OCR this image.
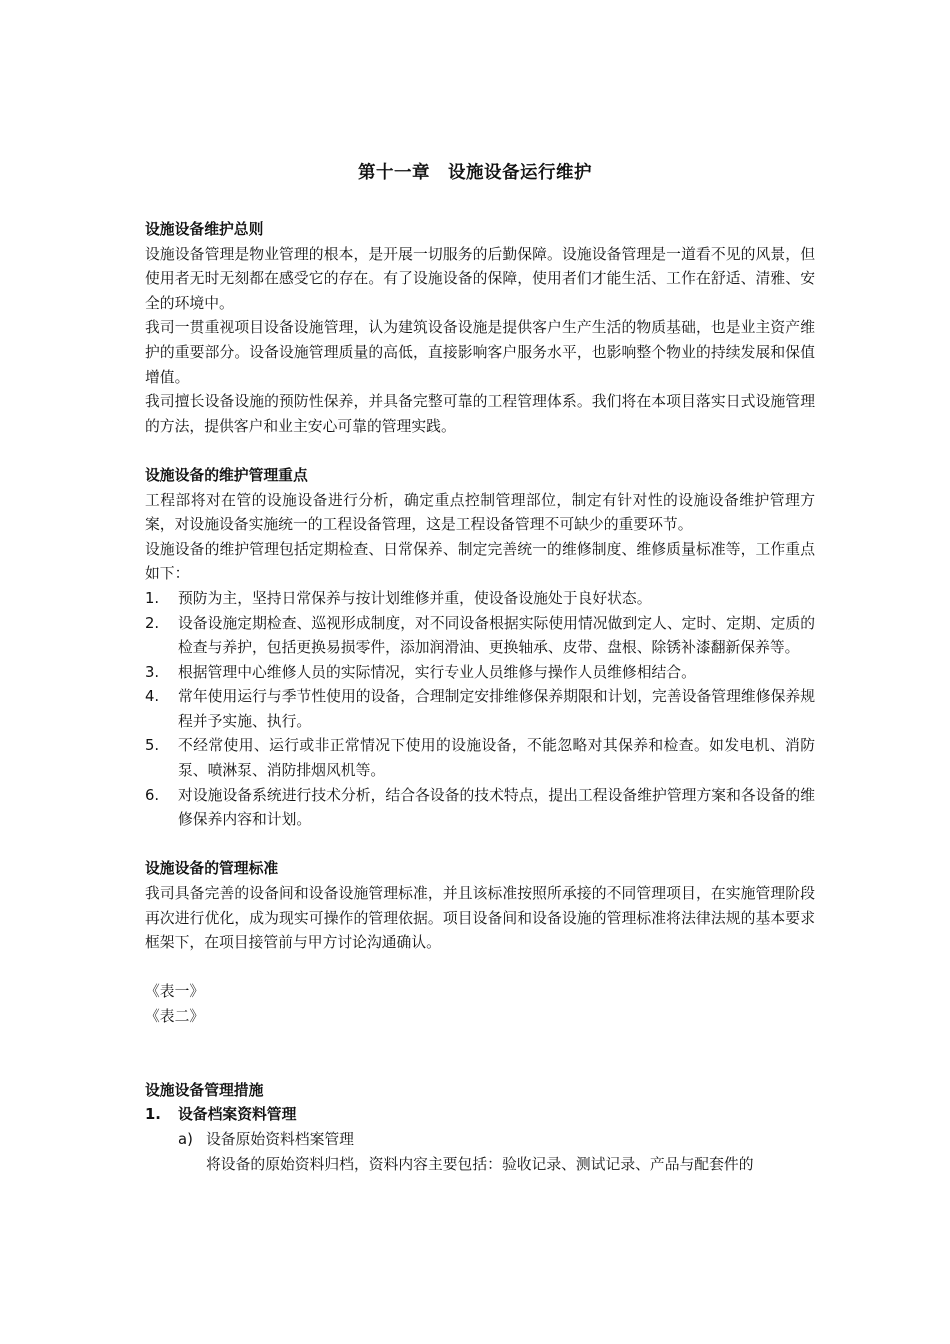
第十一章　设施设备运行维护
设施设备维护总则

设施设备管理是物业管理的根本，是开展一切服务的后勤保障。设施设备管理是一道看不见的风景，但使用者无时无刻都在感受它的存在。有了设施设备的保障，使用者们才能生活、工作在舒适、清雅、安全的环境中。

我司一贯重视项目设备设施管理，认为建筑设备设施是提供客户生产生活的物质基础，也是业主资产维护的重要部分。设备设施管理质量的高低，直接影响客户服务水平，也影响整个物业的持续发展和保值增值。

我司擅长设备设施的预防性保养，并具备完整可靠的工程管理体系。我们将在本项目落实日式设施管理的方法，提供客户和业主安心可靠的管理实践。

设施设备的维护管理重点

工程部将对在管的设施设备进行分析，确定重点控制管理部位，制定有针对性的设施设备维护管理方案，对设施设备实施统一的工程设备管理，这是工程设备管理不可缺少的重要环节。

设施设备的维护管理包括定期检查、日常保养、制定完善统一的维修制度、维修质量标准等，工作重点如下：

1. 预防为主，坚持日常保养与按计划维修并重，使设备设施处于良好状态。
2. 设备设施定期检查、巡视形成制度，对不同设备根据实际使用情况做到定人、定时、定期、定质的检查与养护，包括更换易损零件，添加润滑油、更换轴承、皮带、盘根、除锈补漆翻新保养等。
3. 根据管理中心维修人员的实际情况，实行专业人员维修与操作人员维修相结合。
4. 常年使用运行与季节性使用的设备，合理制定安排维修保养期限和计划，完善设备管理维修保养规程并予实施、执行。
5. 不经常使用、运行或非正常情况下使用的设施设备，不能忽略对其保养和检查。如发电机、消防泵、喷淋泵、消防排烟风机等。
6. 对设施设备系统进行技术分析，结合各设备的技术特点，提出工程设备维护管理方案和各设备的维修保养内容和计划。
设施设备的管理标准

我司具备完善的设备间和设备设施管理标准，并且该标准按照所承接的不同管理项目，在实施管理阶段再次进行优化，成为现实可操作的管理依据。项目设备间和设备设施的管理标准将法律法规的基本要求框架下，在项目接管前与甲方讨论沟通确认。

《表一》
《表二》
设施设备管理措施
1. 设备档案资料管理
a) 设备原始资料档案管理
将设备的原始资料归档，资料内容主要包括：验收记录、测试记录、产品与配套件的
